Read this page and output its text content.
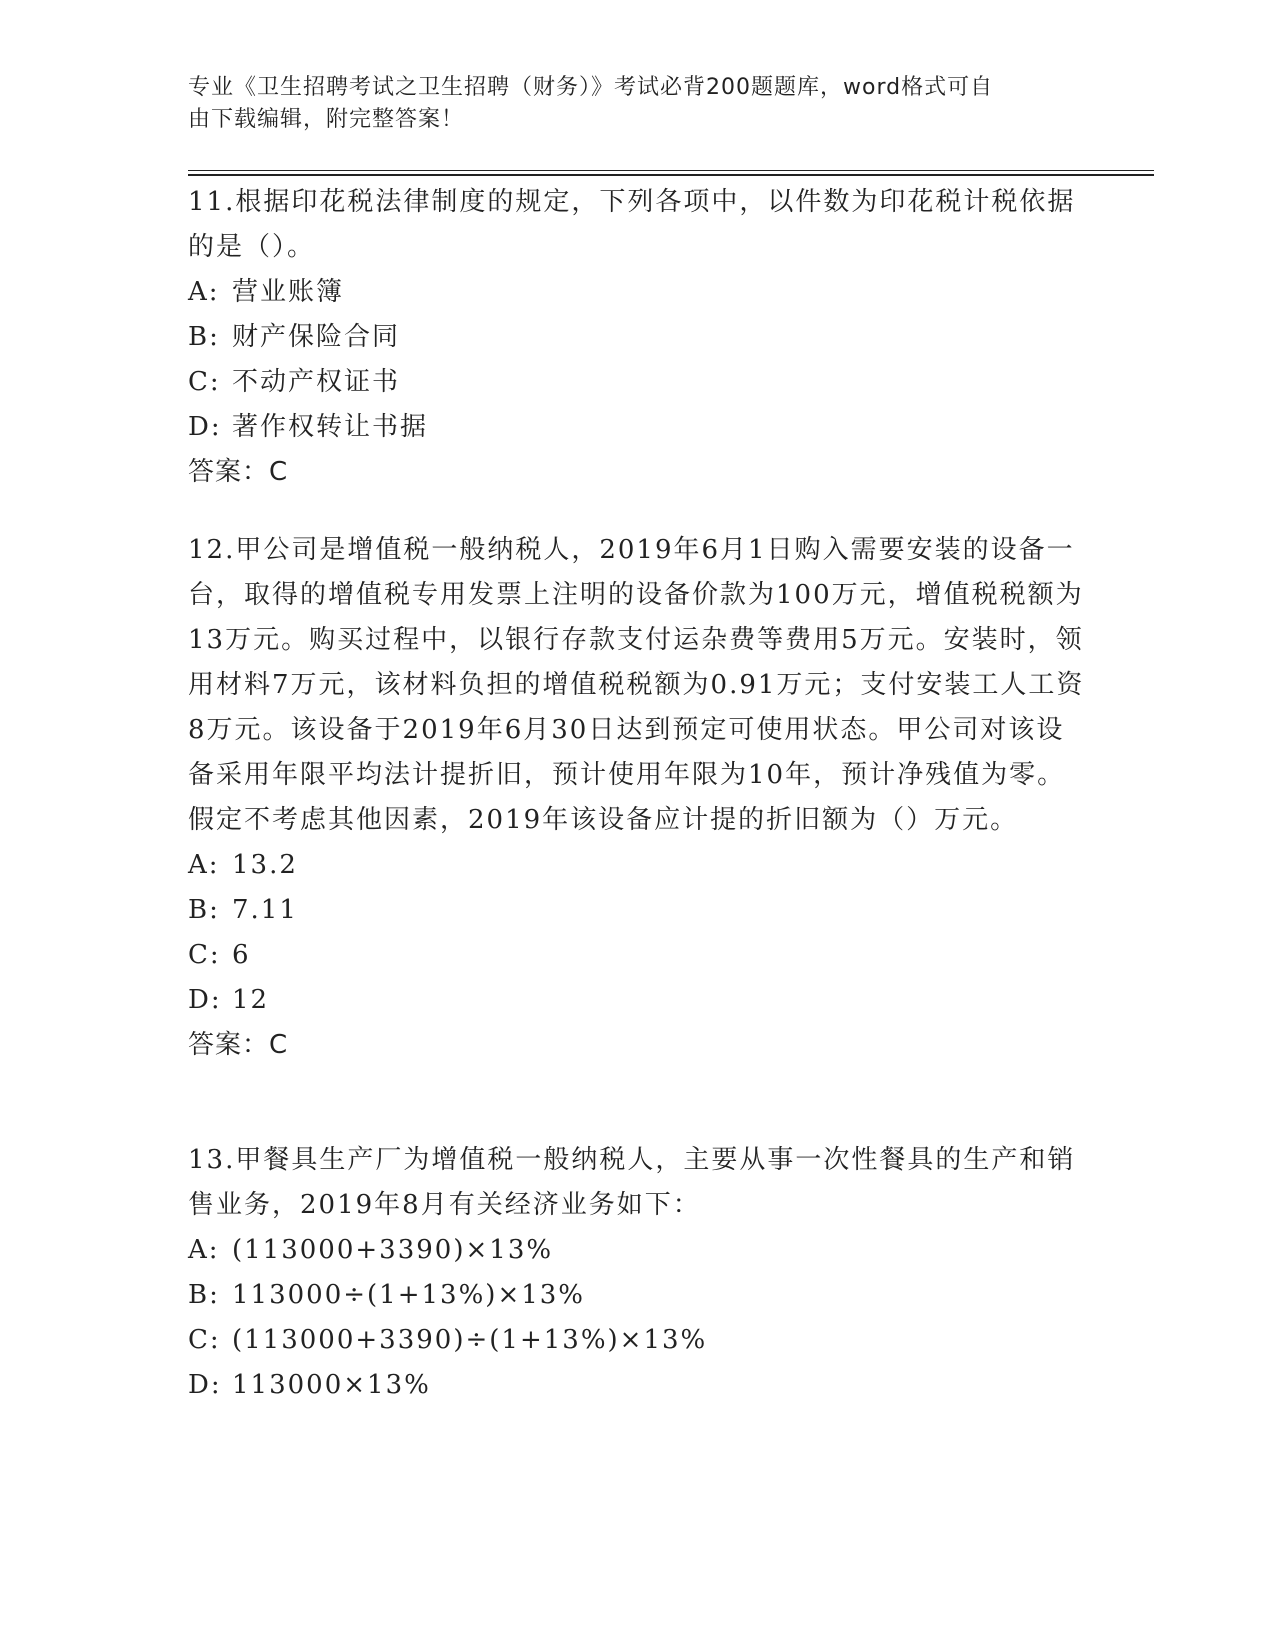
专业《卫生招聘考试之卫生招聘（财务）》考试必背200题题库，word格式可自
由下载编辑，附完整答案！

11.根据印花税法律制度的规定，下列各项中，以件数为印花税计税依据的是（）。

A: 营业账簿

B: 财产保险合同

C: 不动产权证书

D: 著作权转让书据

答案：C

12.甲公司是增值税一般纳税人，2019年6月1日购入需要安装的设备一台，取得的增值税专用发票上注明的设备价款为100万元，增值税税额为13万元。购买过程中，以银行存款支付运杂费等费用5万元。安装时，领用材料7万元，该材料负担的增值税税额为0.91万元；支付安装工人工资8万元。该设备于2019年6月30日达到预定可使用状态。甲公司对该设备采用年限平均法计提折旧，预计使用年限为10年，预计净残值为零。假定不考虑其他因素，2019年该设备应计提的折旧额为（）万元。

A: 13.2

B: 7.11

C: 6

D: 12

答案：C

13.甲餐具生产厂为增值税一般纳税人，主要从事一次性餐具的生产和销售业务，2019年8月有关经济业务如下：

A: (113000+3390)×13%

B: 113000÷(1+13%)×13%

C: (113000+3390)÷(1+13%)×13%

D: 113000×13%
